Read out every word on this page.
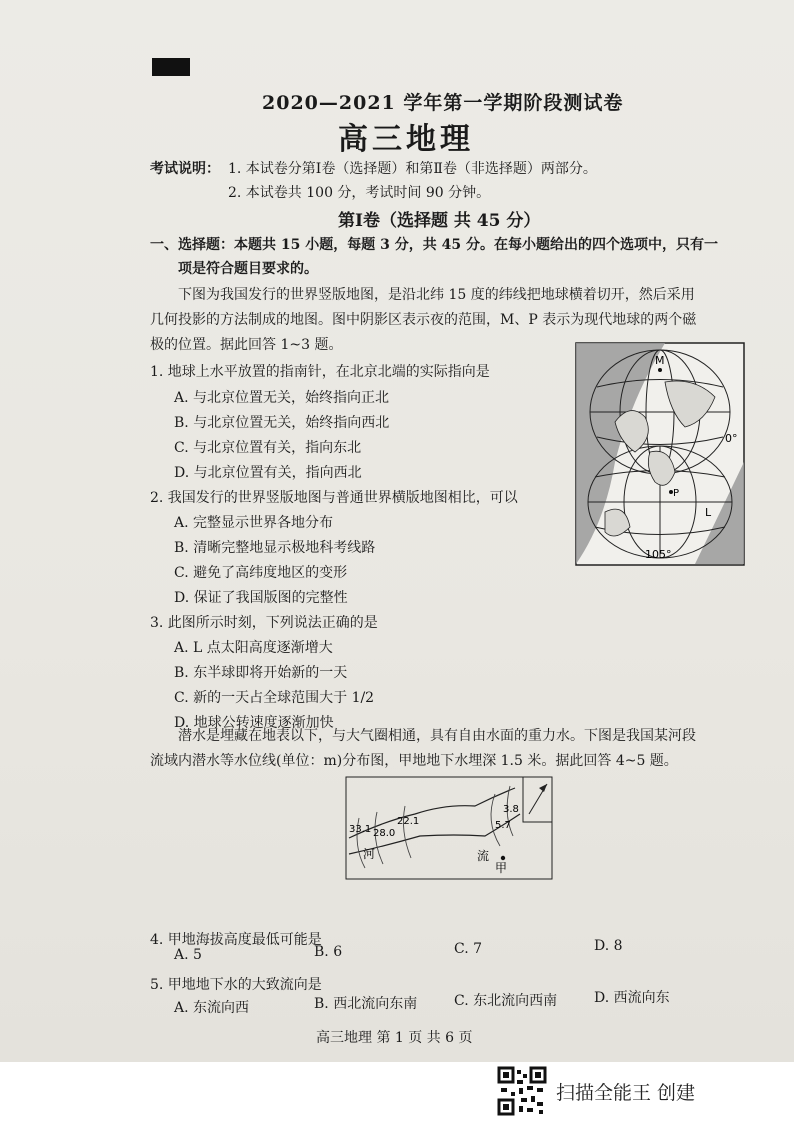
2020—2021 学年第一学期阶段测试卷
高三地理
考试说明： 1. 本试卷分第Ⅰ卷（选择题）和第Ⅱ卷（非选择题）两部分。
2. 本试卷共 100 分，考试时间 90 分钟。
第Ⅰ卷（选择题 共 45 分）
一、选择题：本题共 15 小题，每题 3 分，共 45 分。在每小题给出的四个选项中，只有一
项是符合题目要求的。
下图为我国发行的世界竖版地图，是沿北纬 15 度的纬线把地球横着切开，然后采用
几何投影的方法制成的地图。图中阴影区表示夜的范围，M、P 表示为现代地球的两个磁
极的位置。据此回答 1~3 题。
1. 地球上水平放置的指南针，在北京北端的实际指向是
A. 与北京位置无关，始终指向正北
B. 与北京位置无关，始终指向西北
C. 与北京位置有关，指向东北
D. 与北京位置有关，指向西北
2. 我国发行的世界竖版地图与普通世界横版地图相比，可以
A. 完整显示世界各地分布
B. 清晰完整地显示极地科考线路
C. 避免了高纬度地区的变形
D. 保证了我国版图的完整性
3. 此图所示时刻，下列说法正确的是
A. L 点太阳高度逐渐增大
B. 东半球即将开始新的一天
C. 新的一天占全球范围大于 1/2
D. 地球公转速度逐渐加快
M
P
L
0°
105°
潜水是埋藏在地表以下，与大气圈相通，具有自由水面的重力水。下图是我国某河段
流域内潜水等水位线(单位：m)分布图，甲地地下水埋深 1.5 米。据此回答 4~5 题。
3.8
5.7
22.1
28.0
33.1
河	流
甲
4. 甲地海拔高度最低可能是
A. 5	B. 6	C. 7	D. 8
5. 甲地地下水的大致流向是
A. 东流向西	B. 西北流向东南	C. 东北流向西南	D. 西流向东
高三地理 第 1 页 共 6 页
扫描全能王 创建
